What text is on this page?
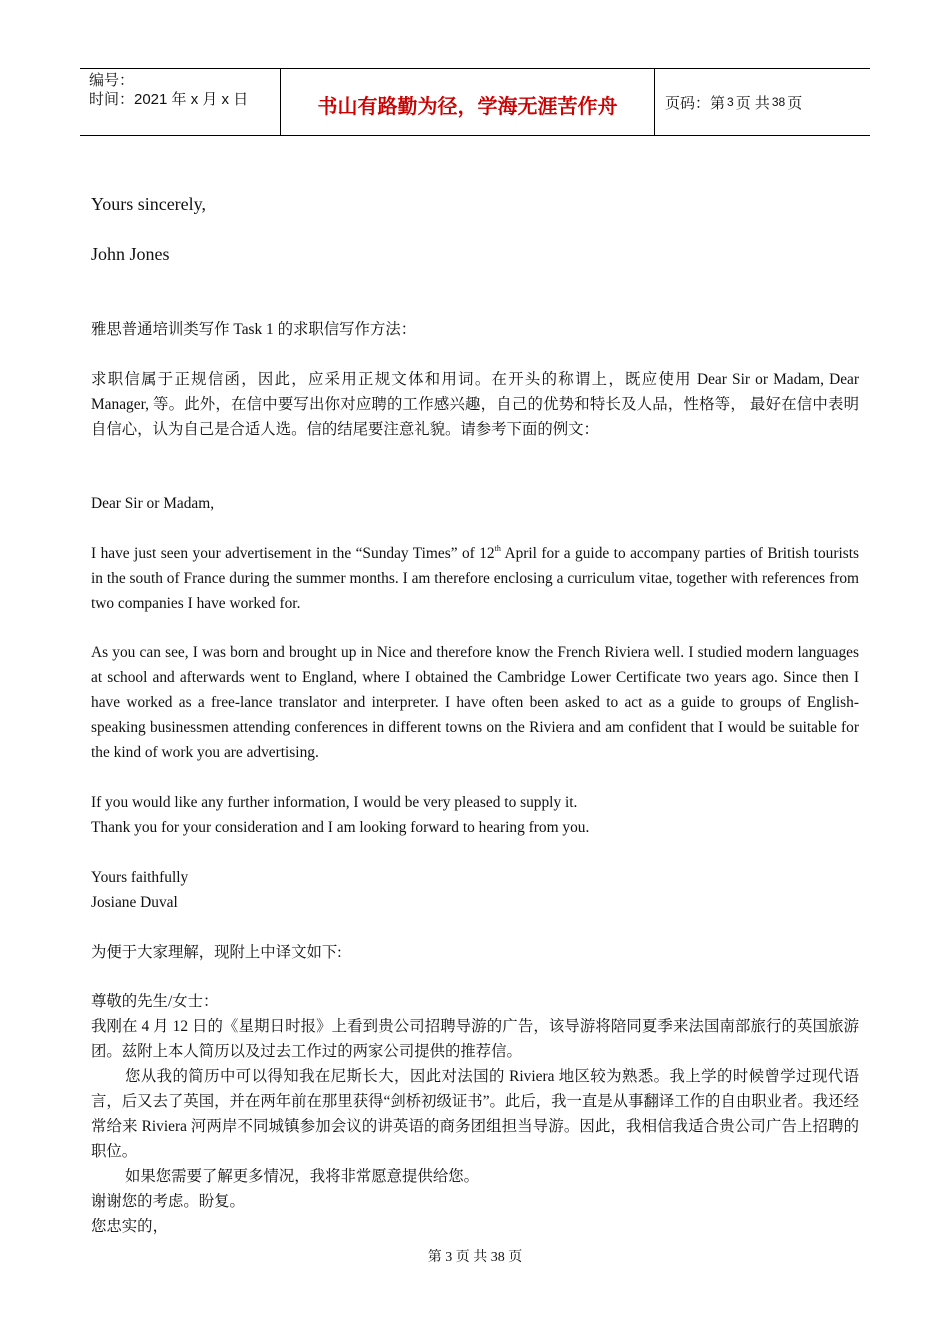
编号：
时间：2021 年 x 月 x 日	书山有路勤为径，学海无涯苦作舟	页码：第 3 页 共 38 页

Yours sincerely,

John Jones

雅思普通培训类写作 Task 1 的求职信写作方法：

求职信属于正规信函，因此，应采用正规文体和用词。在开头的称谓上，既应使用 Dear Sir or Madam, Dear Manager, 等。此外，在信中要写出你对应聘的工作感兴趣，自己的优势和特长及人品，性格等， 最好在信中表明自信心，认为自己是合适人选。信的结尾要注意礼貌。请参考下面的例文：

Dear Sir or Madam,

I have just seen your advertisement in the “Sunday Times” of 12th April for a guide to accompany parties of British tourists in the south of France during the summer months. I am therefore enclosing a curriculum vitae, together with references from two companies I have worked for.

As you can see, I was born and brought up in Nice and therefore know the French Riviera well. I studied modern languages at school and afterwards went to England, where I obtained the Cambridge Lower Certificate two years ago. Since then I have worked as a free-lance translator and interpreter. I have often been asked to act as a guide to groups of English-speaking businessmen attending conferences in different towns on the Riviera and am confident that I would be suitable for the kind of work you are advertising.

If you would like any further information, I would be very pleased to supply it.

Thank you for your consideration and I am looking forward to hearing from you.

Yours faithfully

Josiane Duval

为便于大家理解，现附上中译文如下:

尊敬的先生/女士：

我刚在 4 月 12 日的《星期日时报》上看到贵公司招聘导游的广告，该导游将陪同夏季来法国南部旅行的英国旅游团。兹附上本人简历以及过去工作过的两家公司提供的推荐信。

您从我的简历中可以得知我在尼斯长大，因此对法国的 Riviera 地区较为熟悉。我上学的时候曾学过现代语言，后又去了英国，并在两年前在那里获得“剑桥初级证书”。此后，我一直是从事翻译工作的自由职业者。我还经常给来 Riviera 河两岸不同城镇参加会议的讲英语的商务团组担当导游。因此，我相信我适合贵公司广告上招聘的职位。

如果您需要了解更多情况，我将非常愿意提供给您。

谢谢您的考虑。盼复。

您忠实的，

第 3 页 共 38 页
